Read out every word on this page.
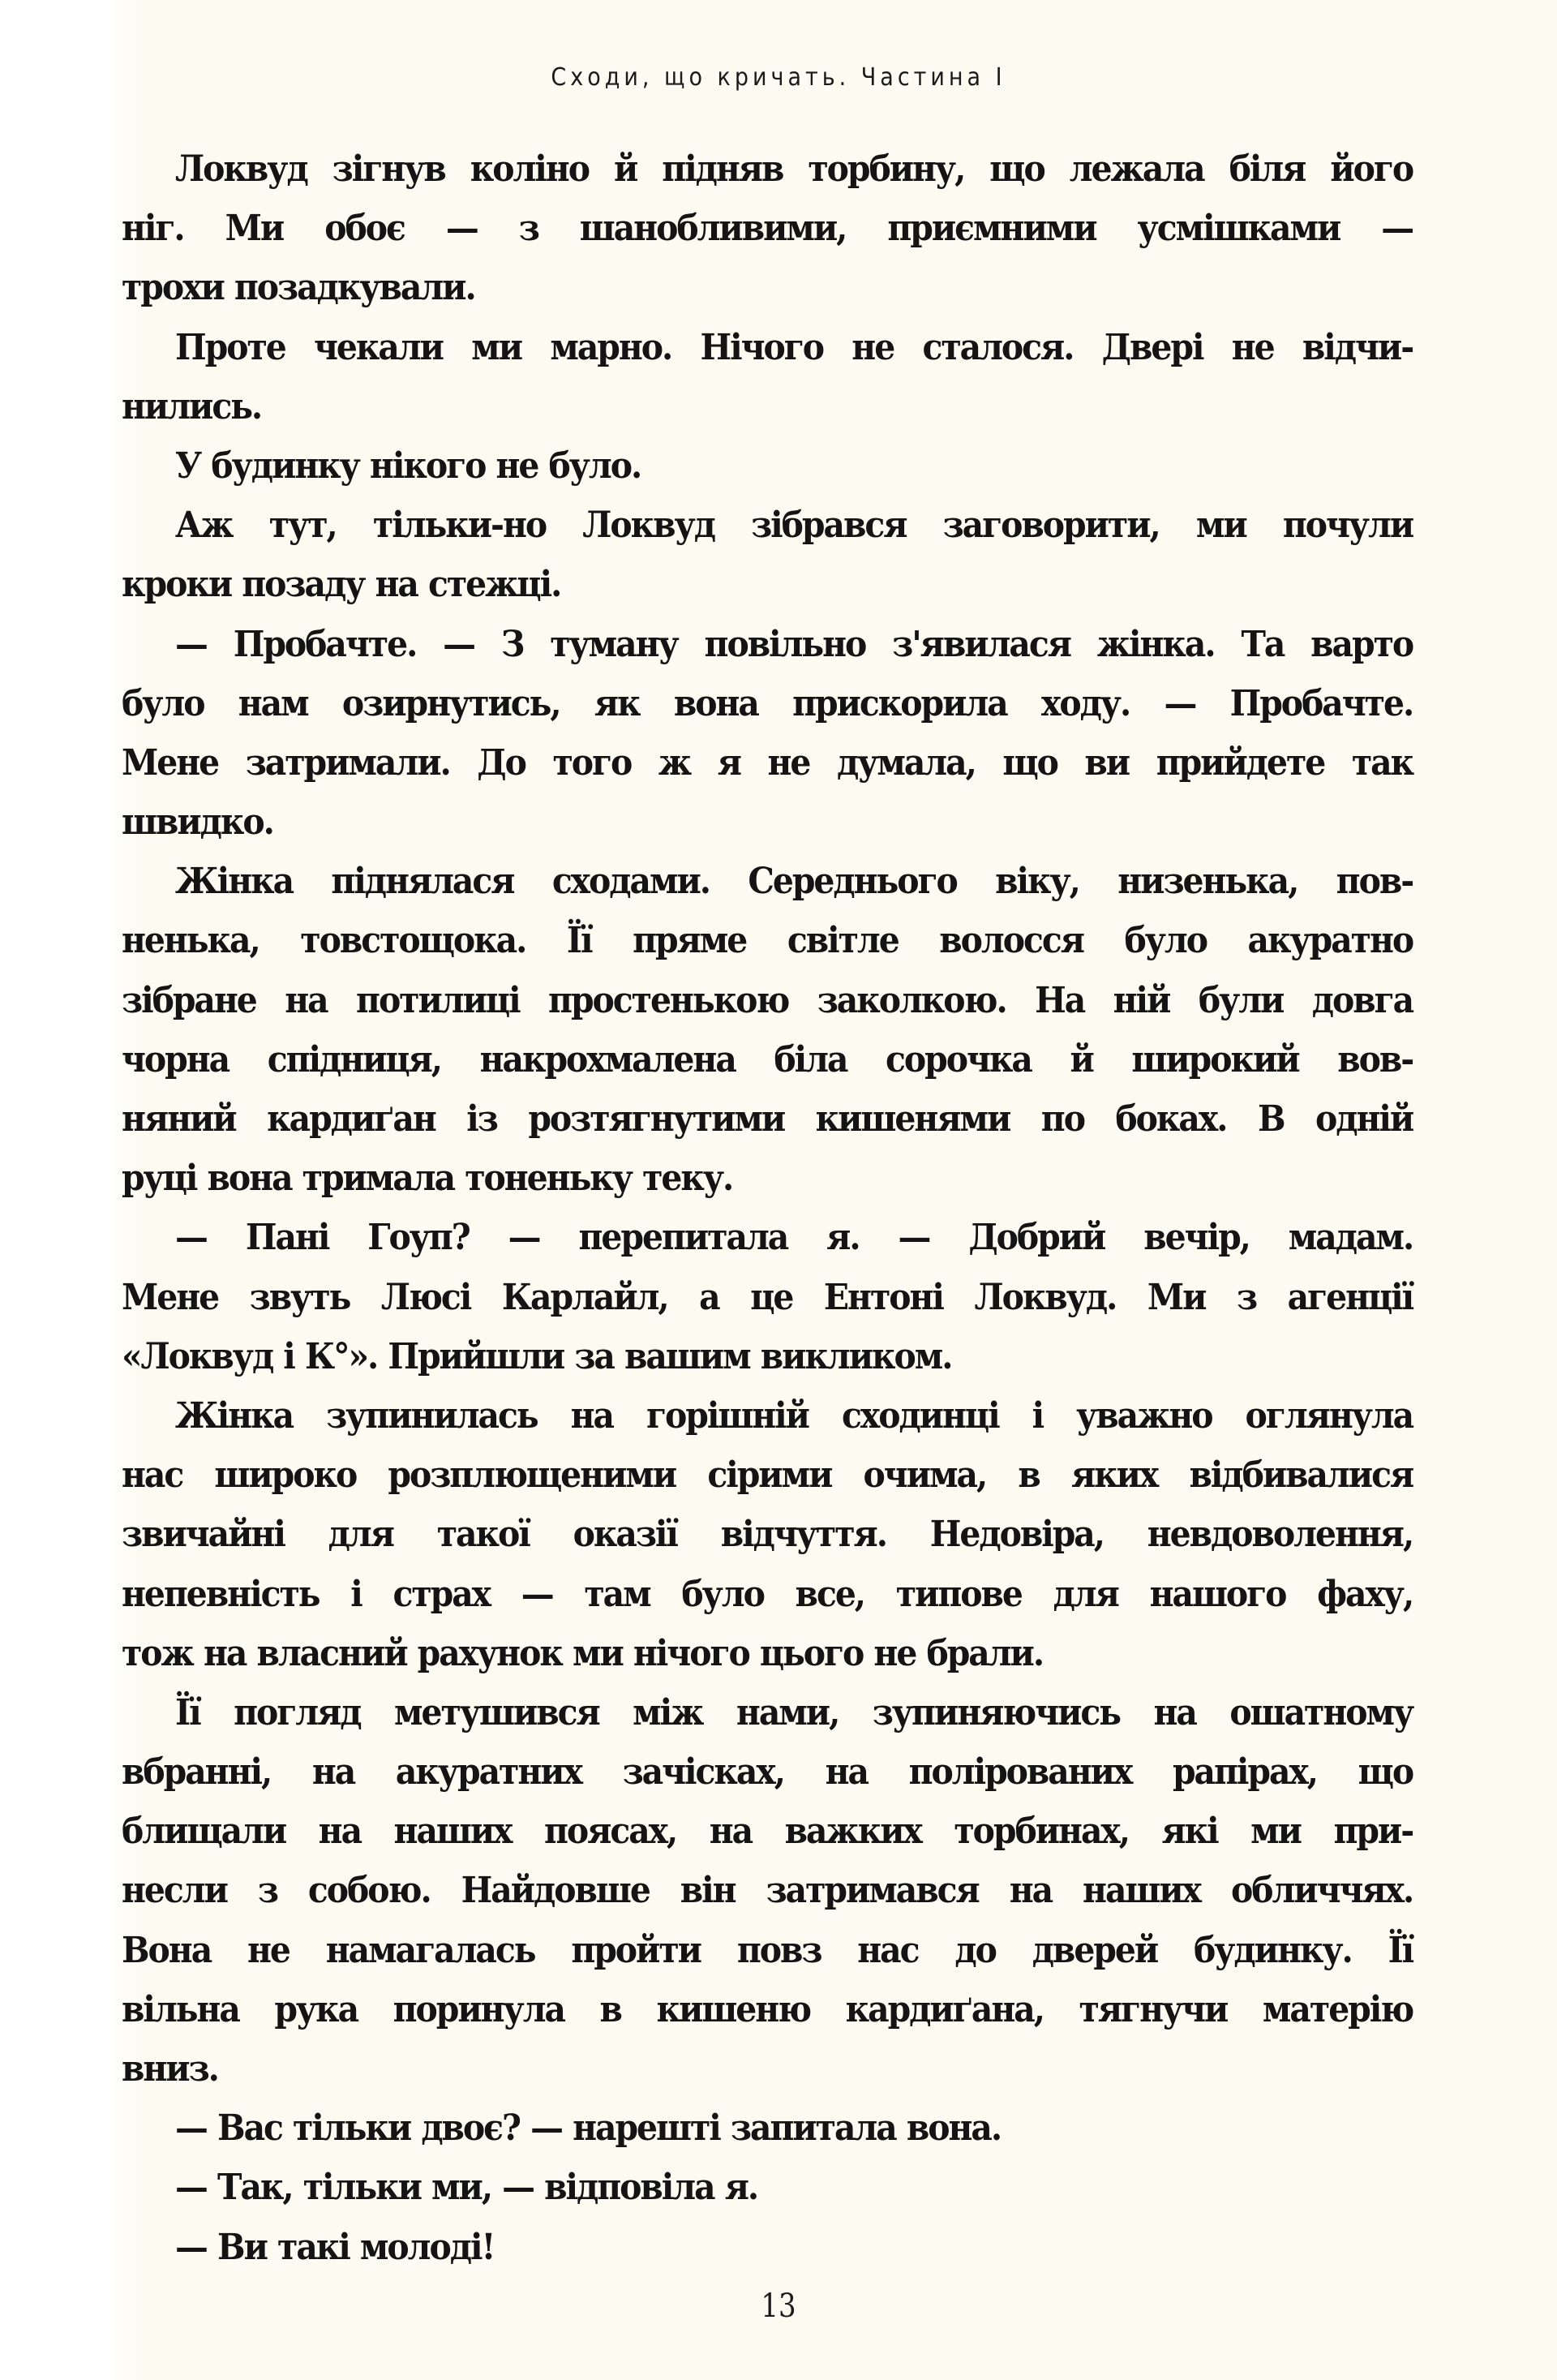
Сходи, що кричать. Частина І
Локвуд зігнув коліно й підняв торбину, що лежала біля його
ніг. Ми обоє — з шанобливими, приємними усмішками —
трохи позадкували.
Проте чекали ми марно. Нічого не сталося. Двері не відчи-
нились.
У будинку нікого не було.
Аж тут, тільки-но Локвуд зібрався заговорити, ми почули
кроки позаду на стежці.
— Пробачте. — З туману повільно з'явилася жінка. Та варто
було нам озирнутись, як вона прискорила ходу. — Пробачте.
Мене затримали. До того ж я не думала, що ви прийдете так
швидко.
Жінка піднялася сходами. Середнього віку, низенька, пов-
ненька, товстощока. Її пряме світле волосся було акуратно
зібране на потилиці простенькою заколкою. На ній були довга
чорна спідниця, накрохмалена біла сорочка й широкий вов-
няний кардиґан із розтягнутими кишенями по боках. В одній
руці вона тримала тоненьку теку.
— Пані Гоуп? — перепитала я. — Добрий вечір, мадам.
Мене звуть Люсі Карлайл, а це Ентоні Локвуд. Ми з агенції
«Локвуд і К°». Прийшли за вашим викликом.
Жінка зупинилась на горішній сходинці і уважно оглянула
нас широко розплющеними сірими очима, в яких відбивалися
звичайні для такої оказії відчуття. Недовіра, невдоволення,
непевність і страх — там було все, типове для нашого фаху,
тож на власний рахунок ми нічого цього не брали.
Її погляд метушився між нами, зупиняючись на ошатному
вбранні, на акуратних зачісках, на полірованих рапірах, що
блищали на наших поясах, на важких торбинах, які ми при-
несли з собою. Найдовше він затримався на наших обличчях.
Вона не намагалась пройти повз нас до дверей будинку. Її
вільна рука поринула в кишеню кардиґана, тягнучи матерію
вниз.
— Вас тільки двоє? — нарешті запитала вона.
— Так, тільки ми, — відповіла я.
— Ви такі молоді!
13
